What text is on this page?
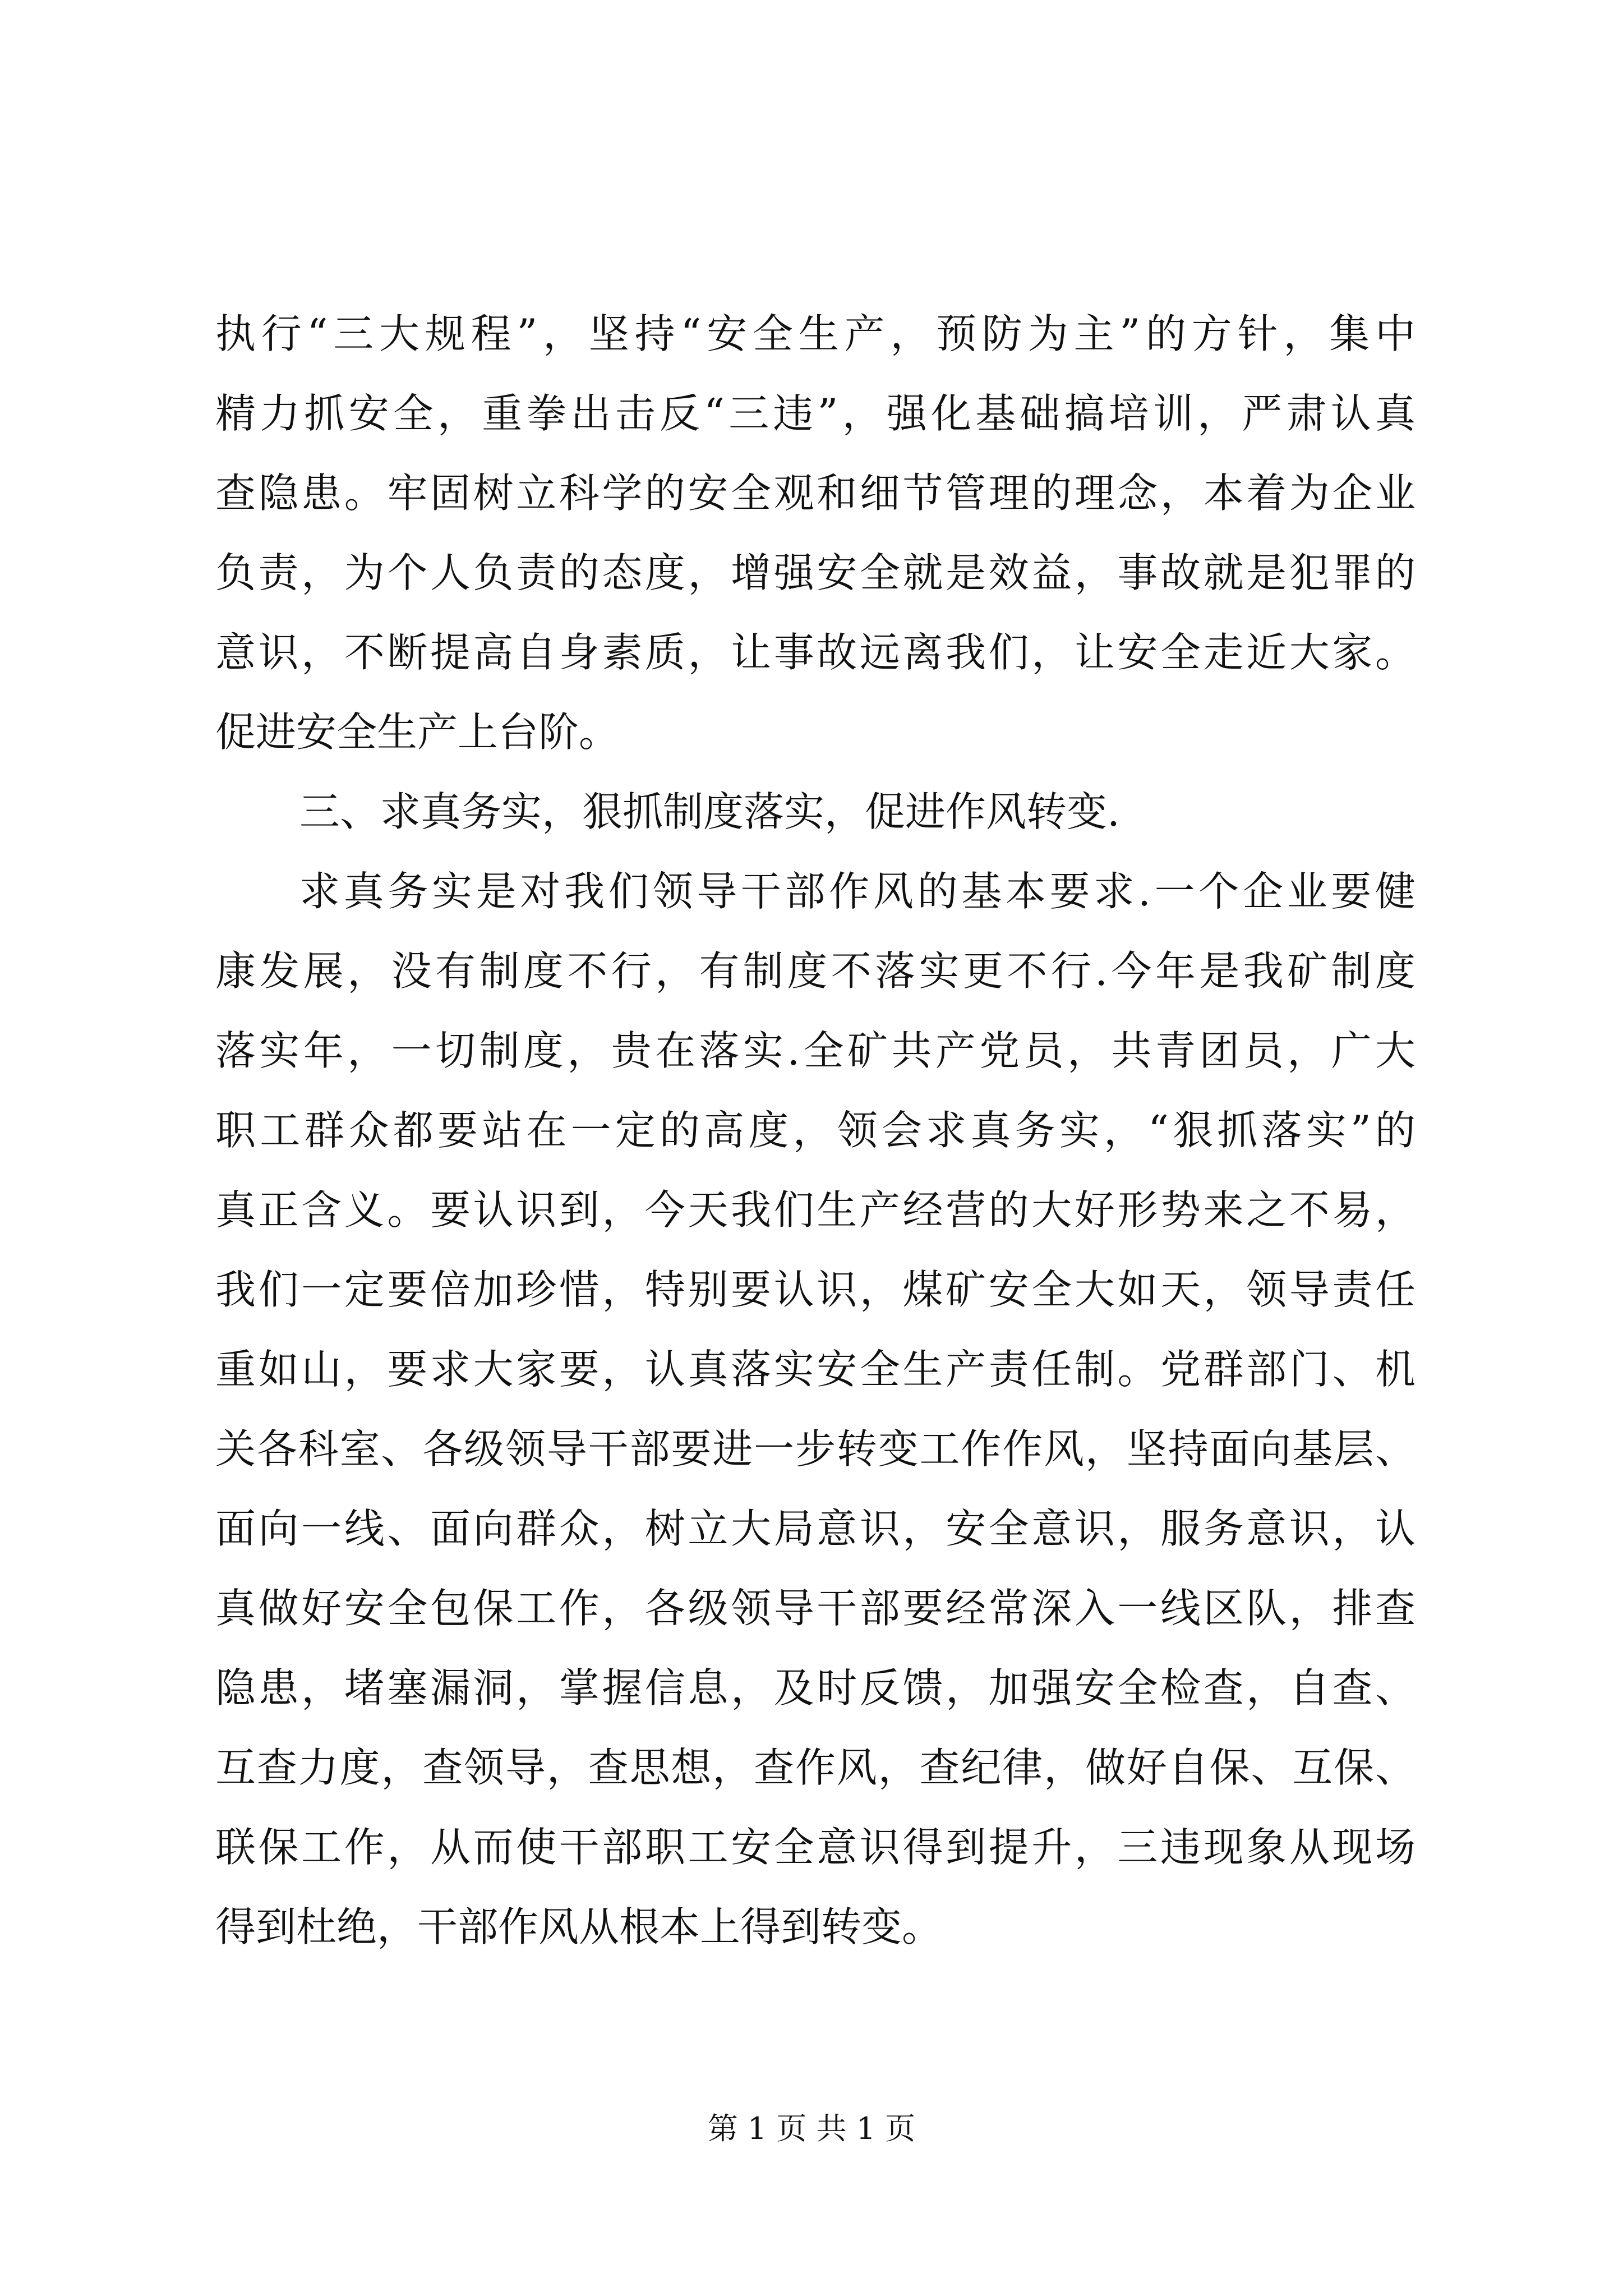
执行“三大规程”，坚持“安全生产，预防为主”的方针，集中
精力抓安全，重拳出击反“三违”，强化基础搞培训，严肃认真
查隐患。牢固树立科学的安全观和细节管理的理念，本着为企业
负责，为个人负责的态度，增强安全就是效益，事故就是犯罪的
意识，不断提高自身素质，让事故远离我们，让安全走近大家。
促进安全生产上台阶。
三、求真务实，狠抓制度落实，促进作风转变.
求真务实是对我们领导干部作风的基本要求.一个企业要健
康发展，没有制度不行，有制度不落实更不行.今年是我矿制度
落实年，一切制度，贵在落实.全矿共产党员，共青团员，广大
职工群众都要站在一定的高度，领会求真务实，“狠抓落实”的
真正含义。要认识到，今天我们生产经营的大好形势来之不易，
我们一定要倍加珍惜，特别要认识，煤矿安全大如天，领导责任
重如山，要求大家要，认真落实安全生产责任制。党群部门、机
关各科室、各级领导干部要进一步转变工作作风，坚持面向基层、
面向一线、面向群众，树立大局意识，安全意识，服务意识，认
真做好安全包保工作，各级领导干部要经常深入一线区队，排查
隐患，堵塞漏洞，掌握信息，及时反馈，加强安全检查，自查、
互查力度，查领导，查思想，查作风，查纪律，做好自保、互保、
联保工作，从而使干部职工安全意识得到提升，三违现象从现场
得到杜绝，干部作风从根本上得到转变。
第 1 页 共 1 页
